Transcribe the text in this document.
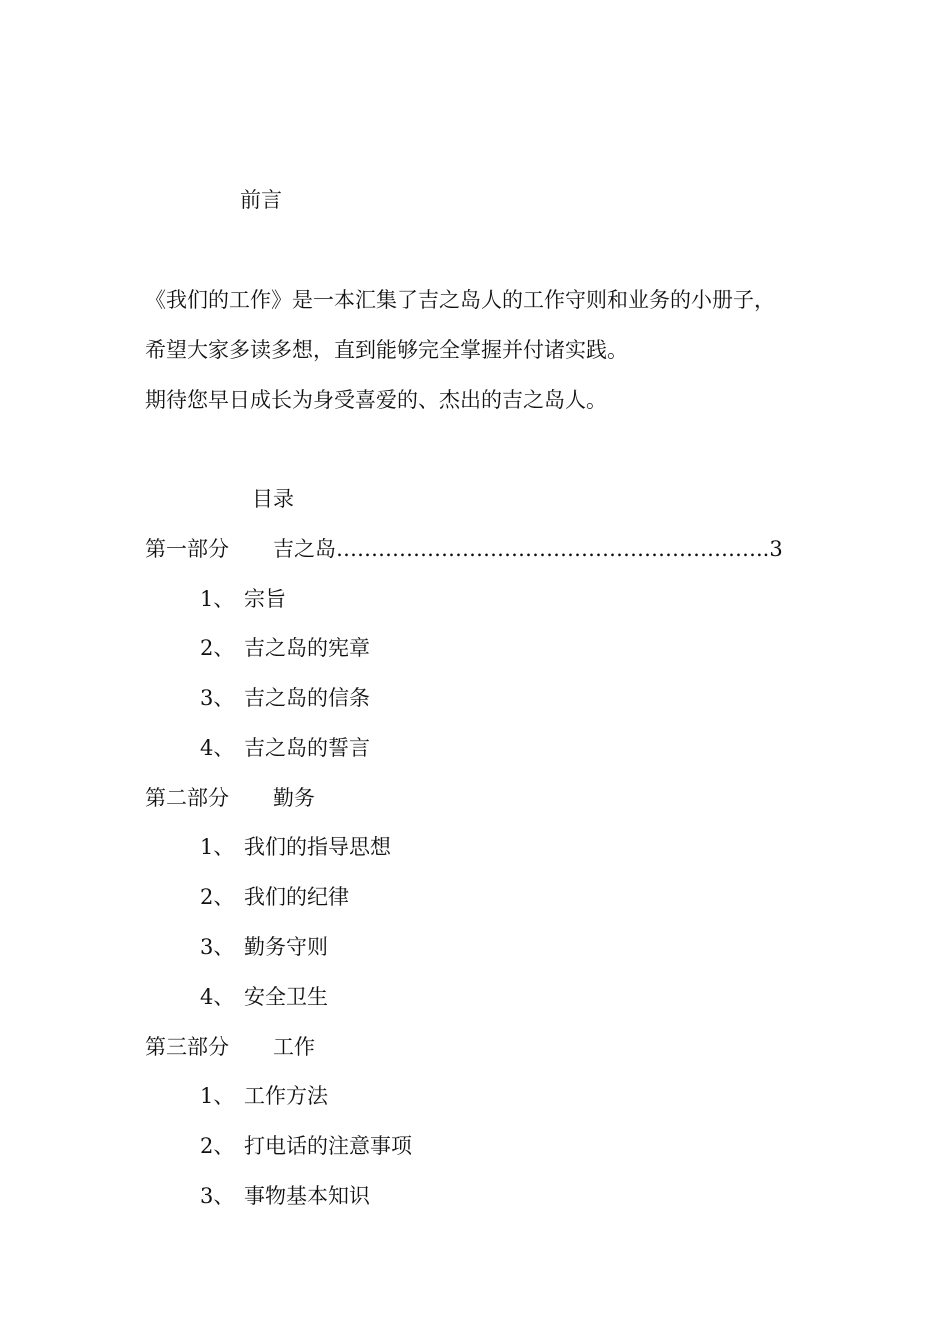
前言
《我们的工作》是一本汇集了吉之岛人的工作守则和业务的小册子，
希望大家多读多想，直到能够完全掌握并付诸实践。
期待您早日成长为身受喜爱的、杰出的吉之岛人。
目录
第一部分 吉之岛……………………………………………………..3
1、 宗旨
2、 吉之岛的宪章
3、 吉之岛的信条
4、 吉之岛的誓言
第二部分 勤务
1、 我们的指导思想
2、 我们的纪律
3、 勤务守则
4、 安全卫生
第三部分 工作
1、 工作方法
2、 打电话的注意事项
3、 事物基本知识
